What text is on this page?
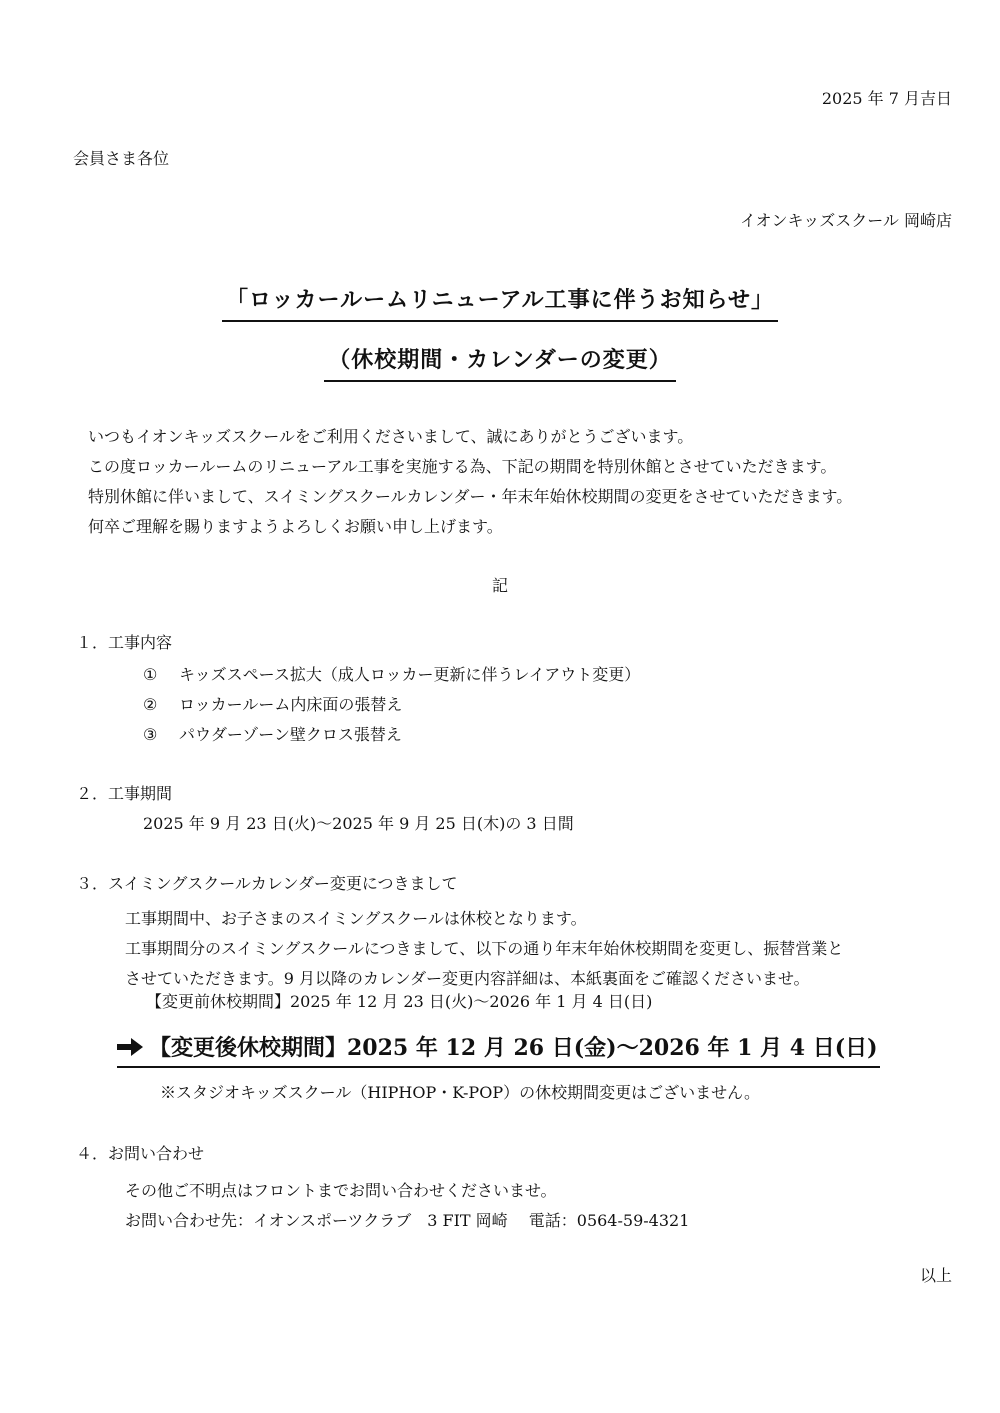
2025 年 7 月吉日
会員さま各位
イオンキッズスクール 岡崎店
「ロッカールームリニューアル工事に伴うお知らせ」
（休校期間・カレンダーの変更）

いつもイオンキッズスクールをご利用くださいまして、誠にありがとうございます。

この度ロッカールームのリニューアル工事を実施する為、下記の期間を特別休館とさせていただきます。

特別休館に伴いまして、スイミングスクールカレンダー・年末年始休校期間の変更をさせていただきます。

何卒ご理解を賜りますようよろしくお願い申し上げます。

記
１．工事内容
① キッズスペース拡大（成人ロッカー更新に伴うレイアウト変更）
② ロッカールーム内床面の張替え
③ パウダーゾーン壁クロス張替え
２．工事期間
2025 年 9 月 23 日(火)～2025 年 9 月 25 日(木)の 3 日間
３．スイミングスクールカレンダー変更につきまして

工事期間中、お子さまのスイミングスクールは休校となります。

工事期間分のスイミングスクールにつきまして、以下の通り年末年始休校期間を変更し、振替営業と

させていただきます。9 月以降のカレンダー変更内容詳細は、本紙裏面をご確認くださいませ。

【変更前休校期間】2025 年 12 月 23 日(火)～2026 年 1 月 4 日(日)
【変更後休校期間】2025 年 12 月 26 日(金)～2026 年 1 月 4 日(日)
※スタジオキッズスクール（HIPHOP・K-POP）の休校期間変更はございません。
４．お問い合わせ

その他ご不明点はフロントまでお問い合わせくださいませ。

お問い合わせ先：イオンスポーツクラブ　3 FIT 岡崎　 電話：0564-59-4321

以上
